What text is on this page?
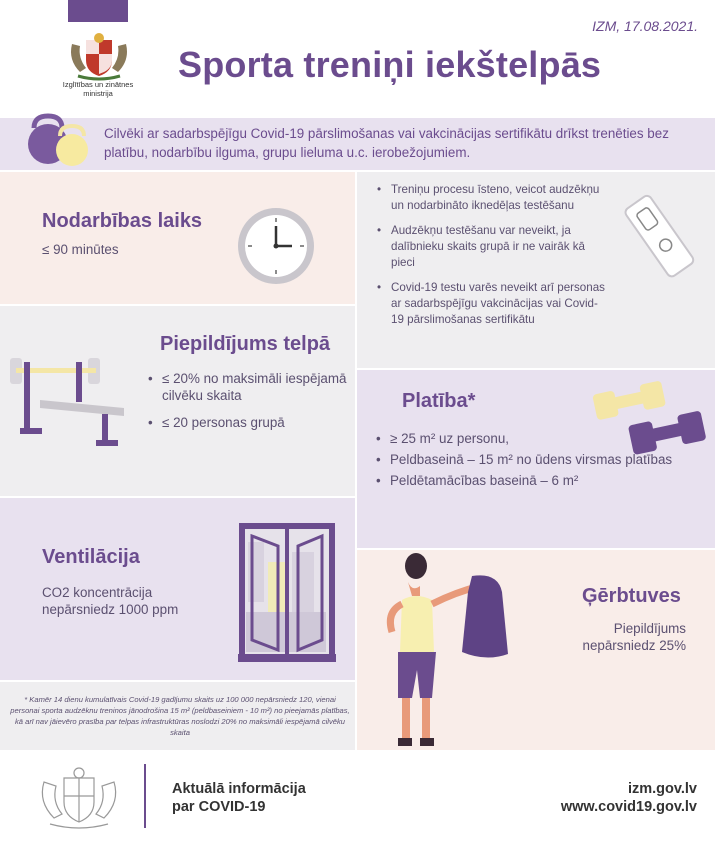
Izglītības un zinātnes ministrija
IZM, 17.08.2021.
Sporta treniņi iekštelpās
Cilvēki ar sadarbspējīgu Covid-19 pārslimošanas vai vakcinācijas sertifikātu drīkst trenēties bez platību, nodarbību ilguma, grupu lieluma u.c. ierobežojumiem.
Nodarbības laiks
≤ 90 minūtes
Piepildījums telpā
• ≤ 20% no maksimāli iespējamā cilvēku skaita
• ≤ 20 personas grupā
Ventilācija
CO2 koncentrācija nepārsniedz 1000 ppm
* Kamēr 14 dienu kumulatīvais Covid-19 gadījumu skaits uz 100 000 nepārsniedz 120, vienai personai sporta audzēknu treninos jānodrošina 15 m² (peldbaseiniem - 10 m²) no pieejamās platības, kā arī nav jāievēro prasība par telpas infrastruktūras noslodzi 20% no maksimāli iespējamā cilvēku skaita
• Treniņu procesu īsteno, veicot audzēkņu un nodarbināto iknedēļas testēšanu
• Audzēkņu testēšanu var neveikt, ja dalībnieku skaits grupā ir ne vairāk kā pieci
• Covid-19 testu varēs neveikt arī personas ar sadarbspējīgu vakcinācijas vai Covid-19 pārslimošanas sertifikātu
Platība*
• ≥ 25 m² uz personu,
• Peldbaseinā – 15 m² no ūdens virsmas platības
• Peldētamācības baseinā – 6 m²
Ģērbtuves
Piepildījums nepārsniedz 25%
Aktuālā informācija
par COVID-19
izm.gov.lv
www.covid19.gov.lv
